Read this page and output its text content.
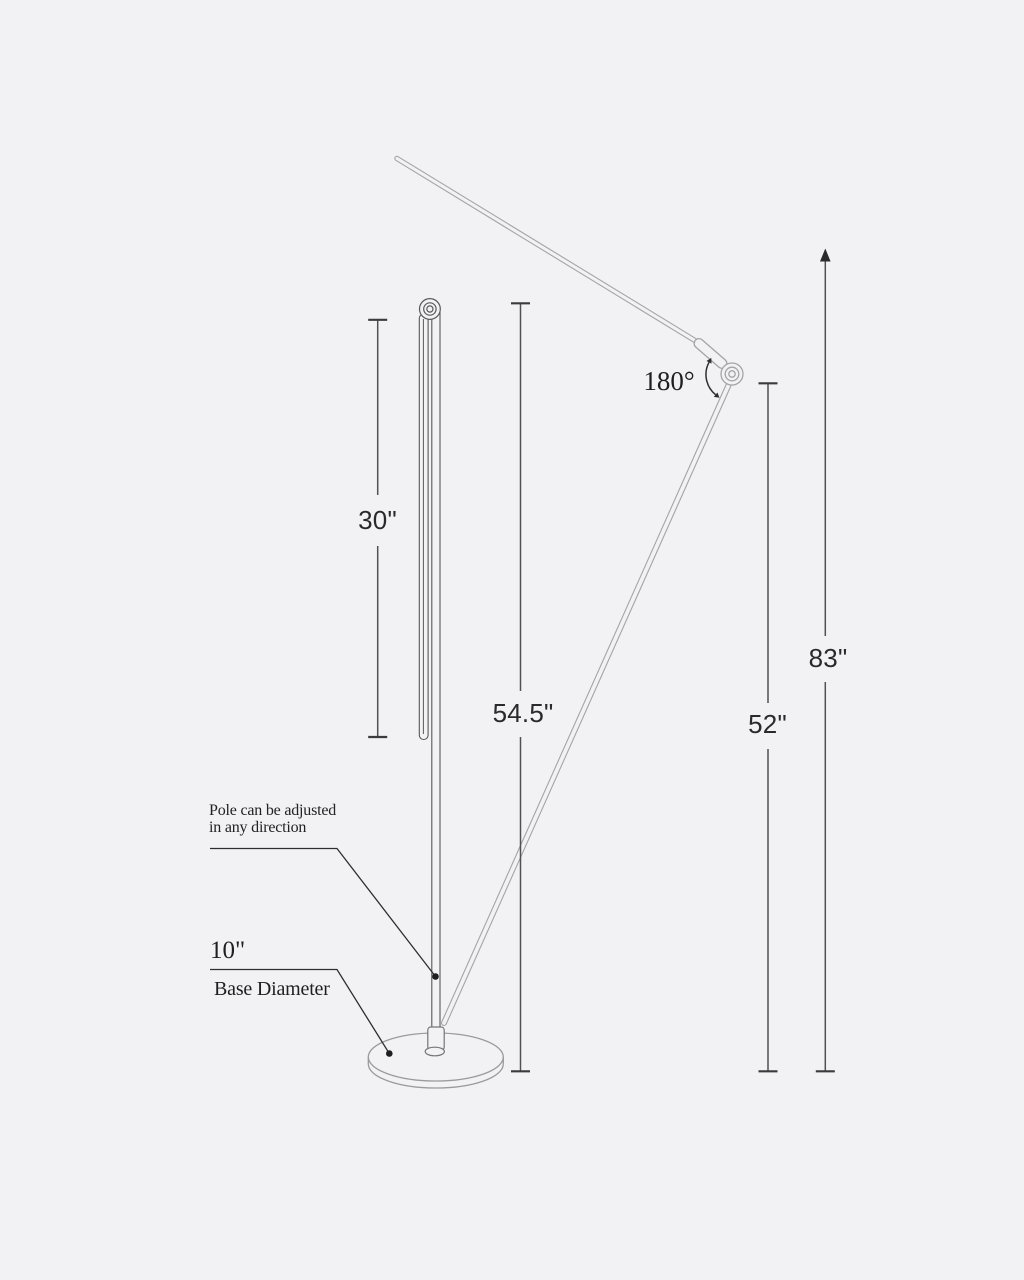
30"
54.5"	52"
83"
180°
Pole can be adjusted
in any direction
10"
Base Diameter
